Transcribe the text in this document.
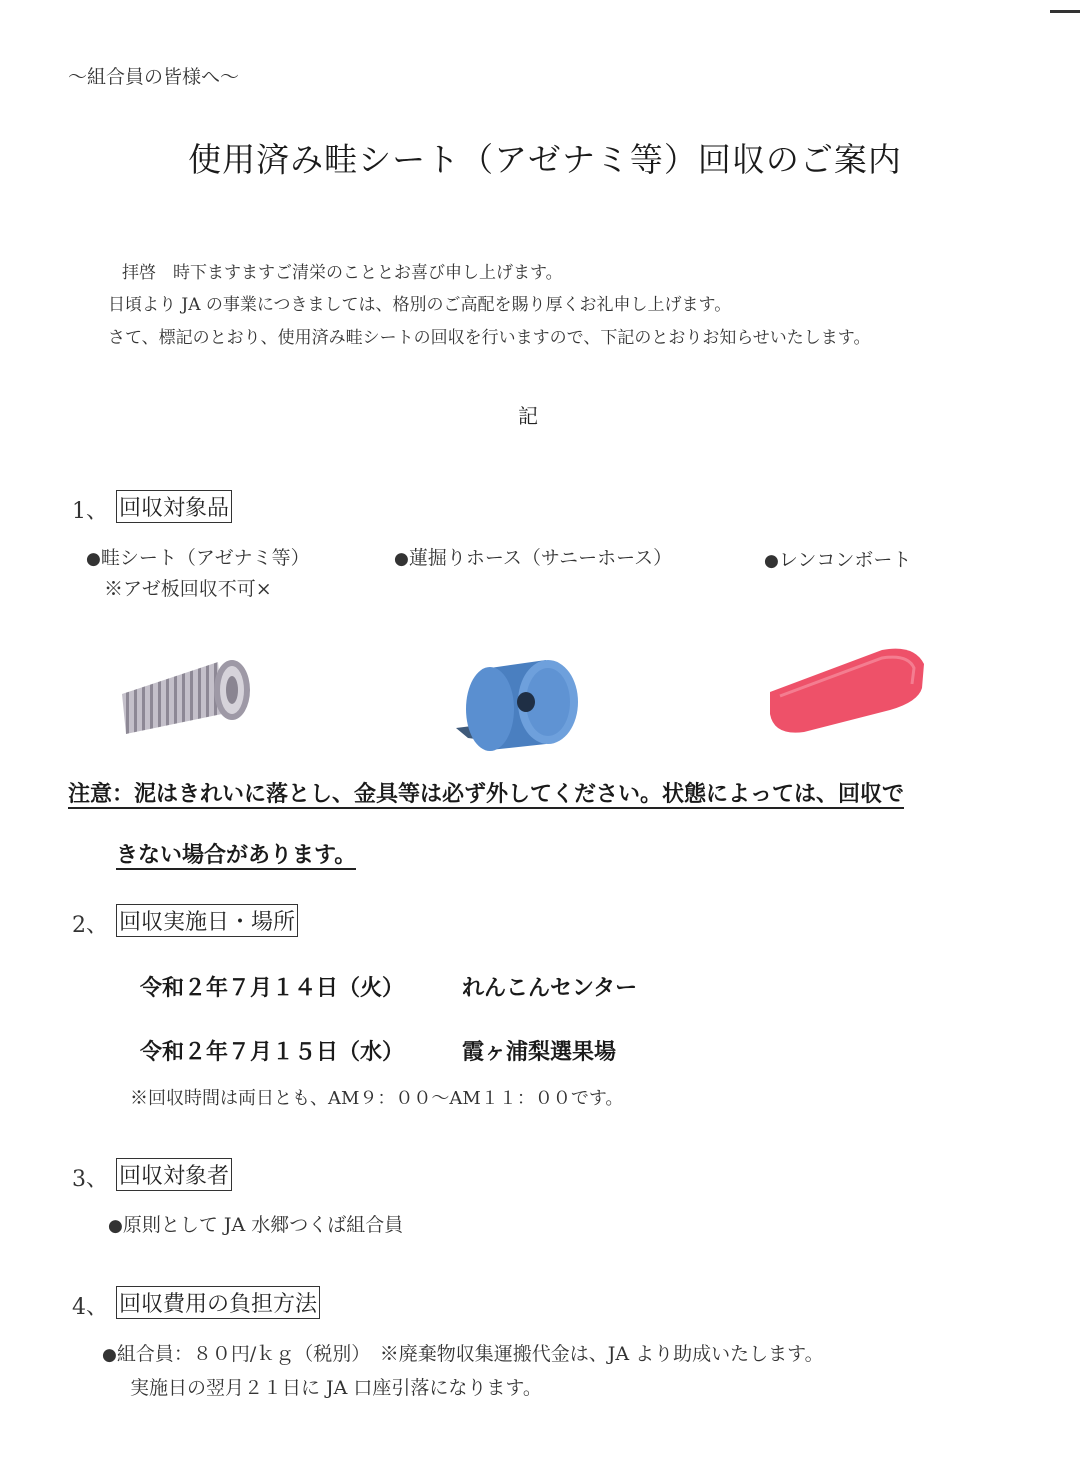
〜組合員の皆様へ〜
使用済み畦シート（アゼナミ等）回収のご案内
拝啓　時下ますますご清栄のこととお喜び申し上げます。
日頃より JA の事業につきましては、格別のご高配を賜り厚くお礼申し上げます。
さて、標記のとおり、使用済み畦シートの回収を行いますので、下記のとおりお知らせいたします。
記
1、 回収対象品
●畦シート（アゼナミ等）
※アゼ板回収不可×
●蓮掘りホース（サニーホース）	●レンコンボート
注意：泥はきれいに落とし、金具等は必ず外してください。状態によっては、回収で
きない場合があります。
2、 回収実施日・場所
令和２年７月１４日（火）	れんこんセンター
令和２年７月１５日（水）	霞ヶ浦梨選果場
※回収時間は両日とも、AM９：００〜AM１１：００です。
3、 回収対象者
●原則として JA 水郷つくば組合員
4、 回収費用の負担方法
●組合員：８０円/ｋｇ（税別）　※廃棄物収集運搬代金は、JA より助成いたします。
実施日の翌月２１日に JA 口座引落になります。
